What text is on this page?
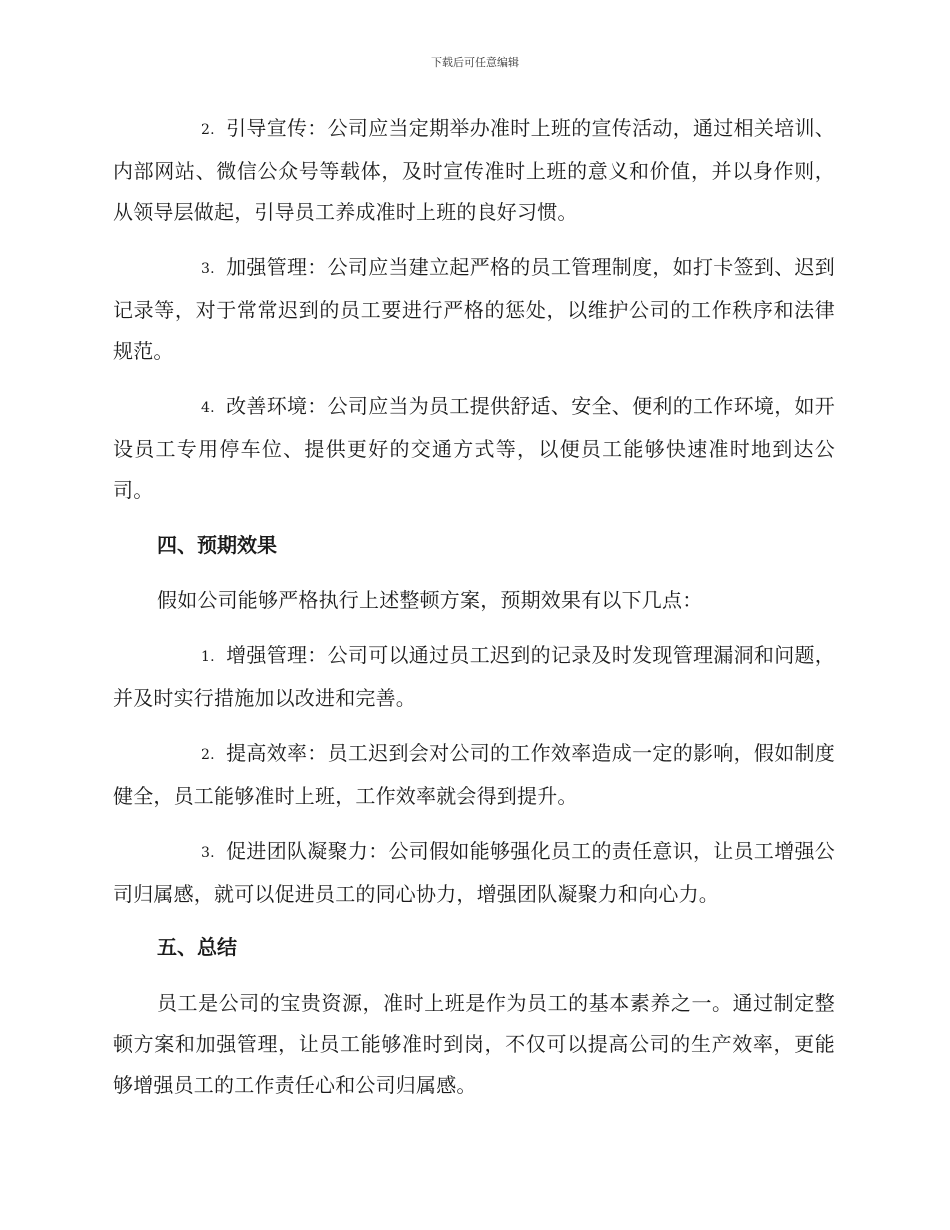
下载后可任意编辑

2. 引导宣传：公司应当定期举办准时上班的宣传活动，通过相关培训、内部网站、微信公众号等载体，及时宣传准时上班的意义和价值，并以身作则，从领导层做起，引导员工养成准时上班的良好习惯。

3. 加强管理：公司应当建立起严格的员工管理制度，如打卡签到、迟到记录等，对于常常迟到的员工要进行严格的惩处，以维护公司的工作秩序和法律规范。

4. 改善环境：公司应当为员工提供舒适、安全、便利的工作环境，如开设员工专用停车位、提供更好的交通方式等，以便员工能够快速准时地到达公司。

四、预期效果

假如公司能够严格执行上述整顿方案，预期效果有以下几点：

1. 增强管理：公司可以通过员工迟到的记录及时发现管理漏洞和问题，并及时实行措施加以改进和完善。

2. 提高效率：员工迟到会对公司的工作效率造成一定的影响，假如制度健全，员工能够准时上班，工作效率就会得到提升。

3. 促进团队凝聚力：公司假如能够强化员工的责任意识，让员工增强公司归属感，就可以促进员工的同心协力，增强团队凝聚力和向心力。

五、总结

员工是公司的宝贵资源，准时上班是作为员工的基本素养之一。通过制定整顿方案和加强管理，让员工能够准时到岗，不仅可以提高公司的生产效率，更能够增强员工的工作责任心和公司归属感。
